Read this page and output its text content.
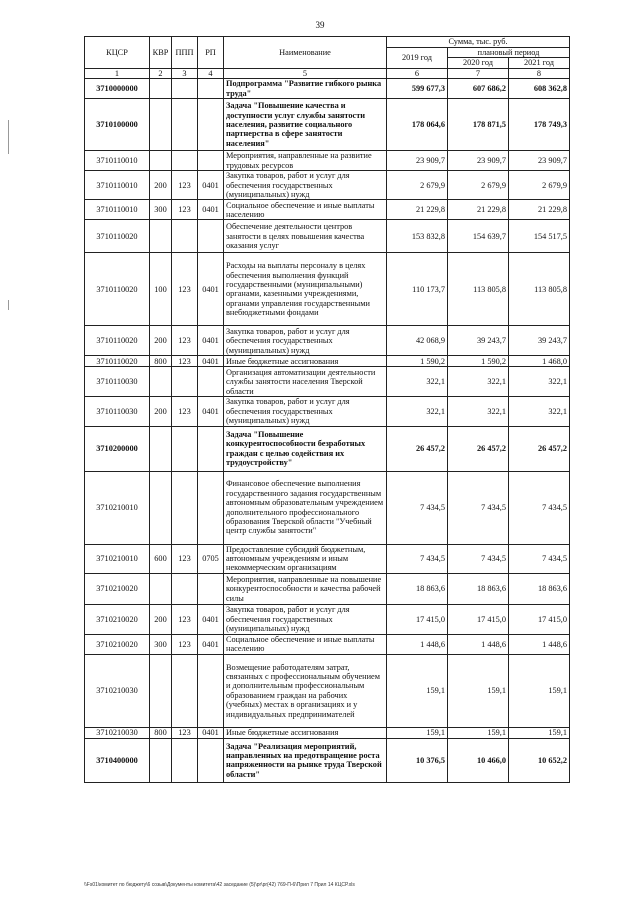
39
КЦСР	КВР	ППП	РП	Наименование	Сумма, тыс. руб.		
					2019 год	плановый период	
						2020 год	2021 год
1	2	3	4	5	6	7	8
3710000000				Подпрограмма "Развитие гибкого рынка труда"	599 677,3	607 686,2	608 362,8
3710100000				Задача "Повышение качества и доступности услуг службы занятости населения, развитие социального партнерства в сфере занятости населения"	178 064,6	178 871,5	178 749,3
3710110010				Мероприятия, направленные на развитие трудовых ресурсов	23 909,7	23 909,7	23 909,7
3710110010	200	123	0401	Закупка товаров, работ и услуг для обеспечения государственных (муниципальных) нужд	2 679,9	2 679,9	2 679,9
3710110010	300	123	0401	Социальное обеспечение и иные выплаты населению	21 229,8	21 229,8	21 229,8
3710110020				Обеспечение деятельности центров занятости в целях повышения качества оказания услуг	153 832,8	154 639,7	154 517,5
3710110020	100	123	0401	Расходы на выплаты персоналу в целях обеспечения выполнения функций государственными (муниципальными) органами, казенными учреждениями, органами управления государственными внебюджетными фондами	110 173,7	113 805,8	113 805,8
3710110020	200	123	0401	Закупка товаров, работ и услуг для обеспечения государственных (муниципальных) нужд	42 068,9	39 243,7	39 243,7
3710110020	800	123	0401	Иные бюджетные ассигнования	1 590,2	1 590,2	1 468,0
3710110030				Организация автоматизации деятельности службы занятости населения Тверской области	322,1	322,1	322,1
3710110030	200	123	0401	Закупка товаров, работ и услуг для обеспечения государственных (муниципальных) нужд	322,1	322,1	322,1
3710200000				Задача "Повышение конкурентоспособности безработных граждан с целью содействия их трудоустройству"	26 457,2	26 457,2	26 457,2
3710210010				Финансовое обеспечение выполнения государственного задания государственным автономным образовательным учреждением дополнительного профессионального образования Тверской области "Учебный центр службы занятости"	7 434,5	7 434,5	7 434,5
3710210010	600	123	0705	Предоставление субсидий бюджетным, автономным учреждениям и иным некоммерческим организациям	7 434,5	7 434,5	7 434,5
3710210020				Мероприятия, направленные на повышение конкурентоспособности и качества рабочей силы	18 863,6	18 863,6	18 863,6
3710210020	200	123	0401	Закупка товаров, работ и услуг для обеспечения государственных (муниципальных) нужд	17 415,0	17 415,0	17 415,0
3710210020	300	123	0401	Социальное обеспечение и иные выплаты населению	1 448,6	1 448,6	1 448,6
3710210030				Возмещение работодателям затрат, связанных с профессиональным обучением и дополнительным профессиональным образованием граждан на рабочих (учебных) местах в организациях и у индивидуальных предпринимателей	159,1	159,1	159,1
3710210030	800	123	0401	Иные бюджетные ассигнования	159,1	159,1	159,1
3710400000				Задача "Реализация мероприятий, направленных на предотвращение роста напряженности на рынке труда Тверской области"	10 376,5	10 466,0	10 652,2
\\Fs01\комитет по бюджету\6 созыв\Документы комитета\42 заседание (5)\pr\pr(42) 769-П-6\Прил 7 Прил 14 КЦСР.xls
